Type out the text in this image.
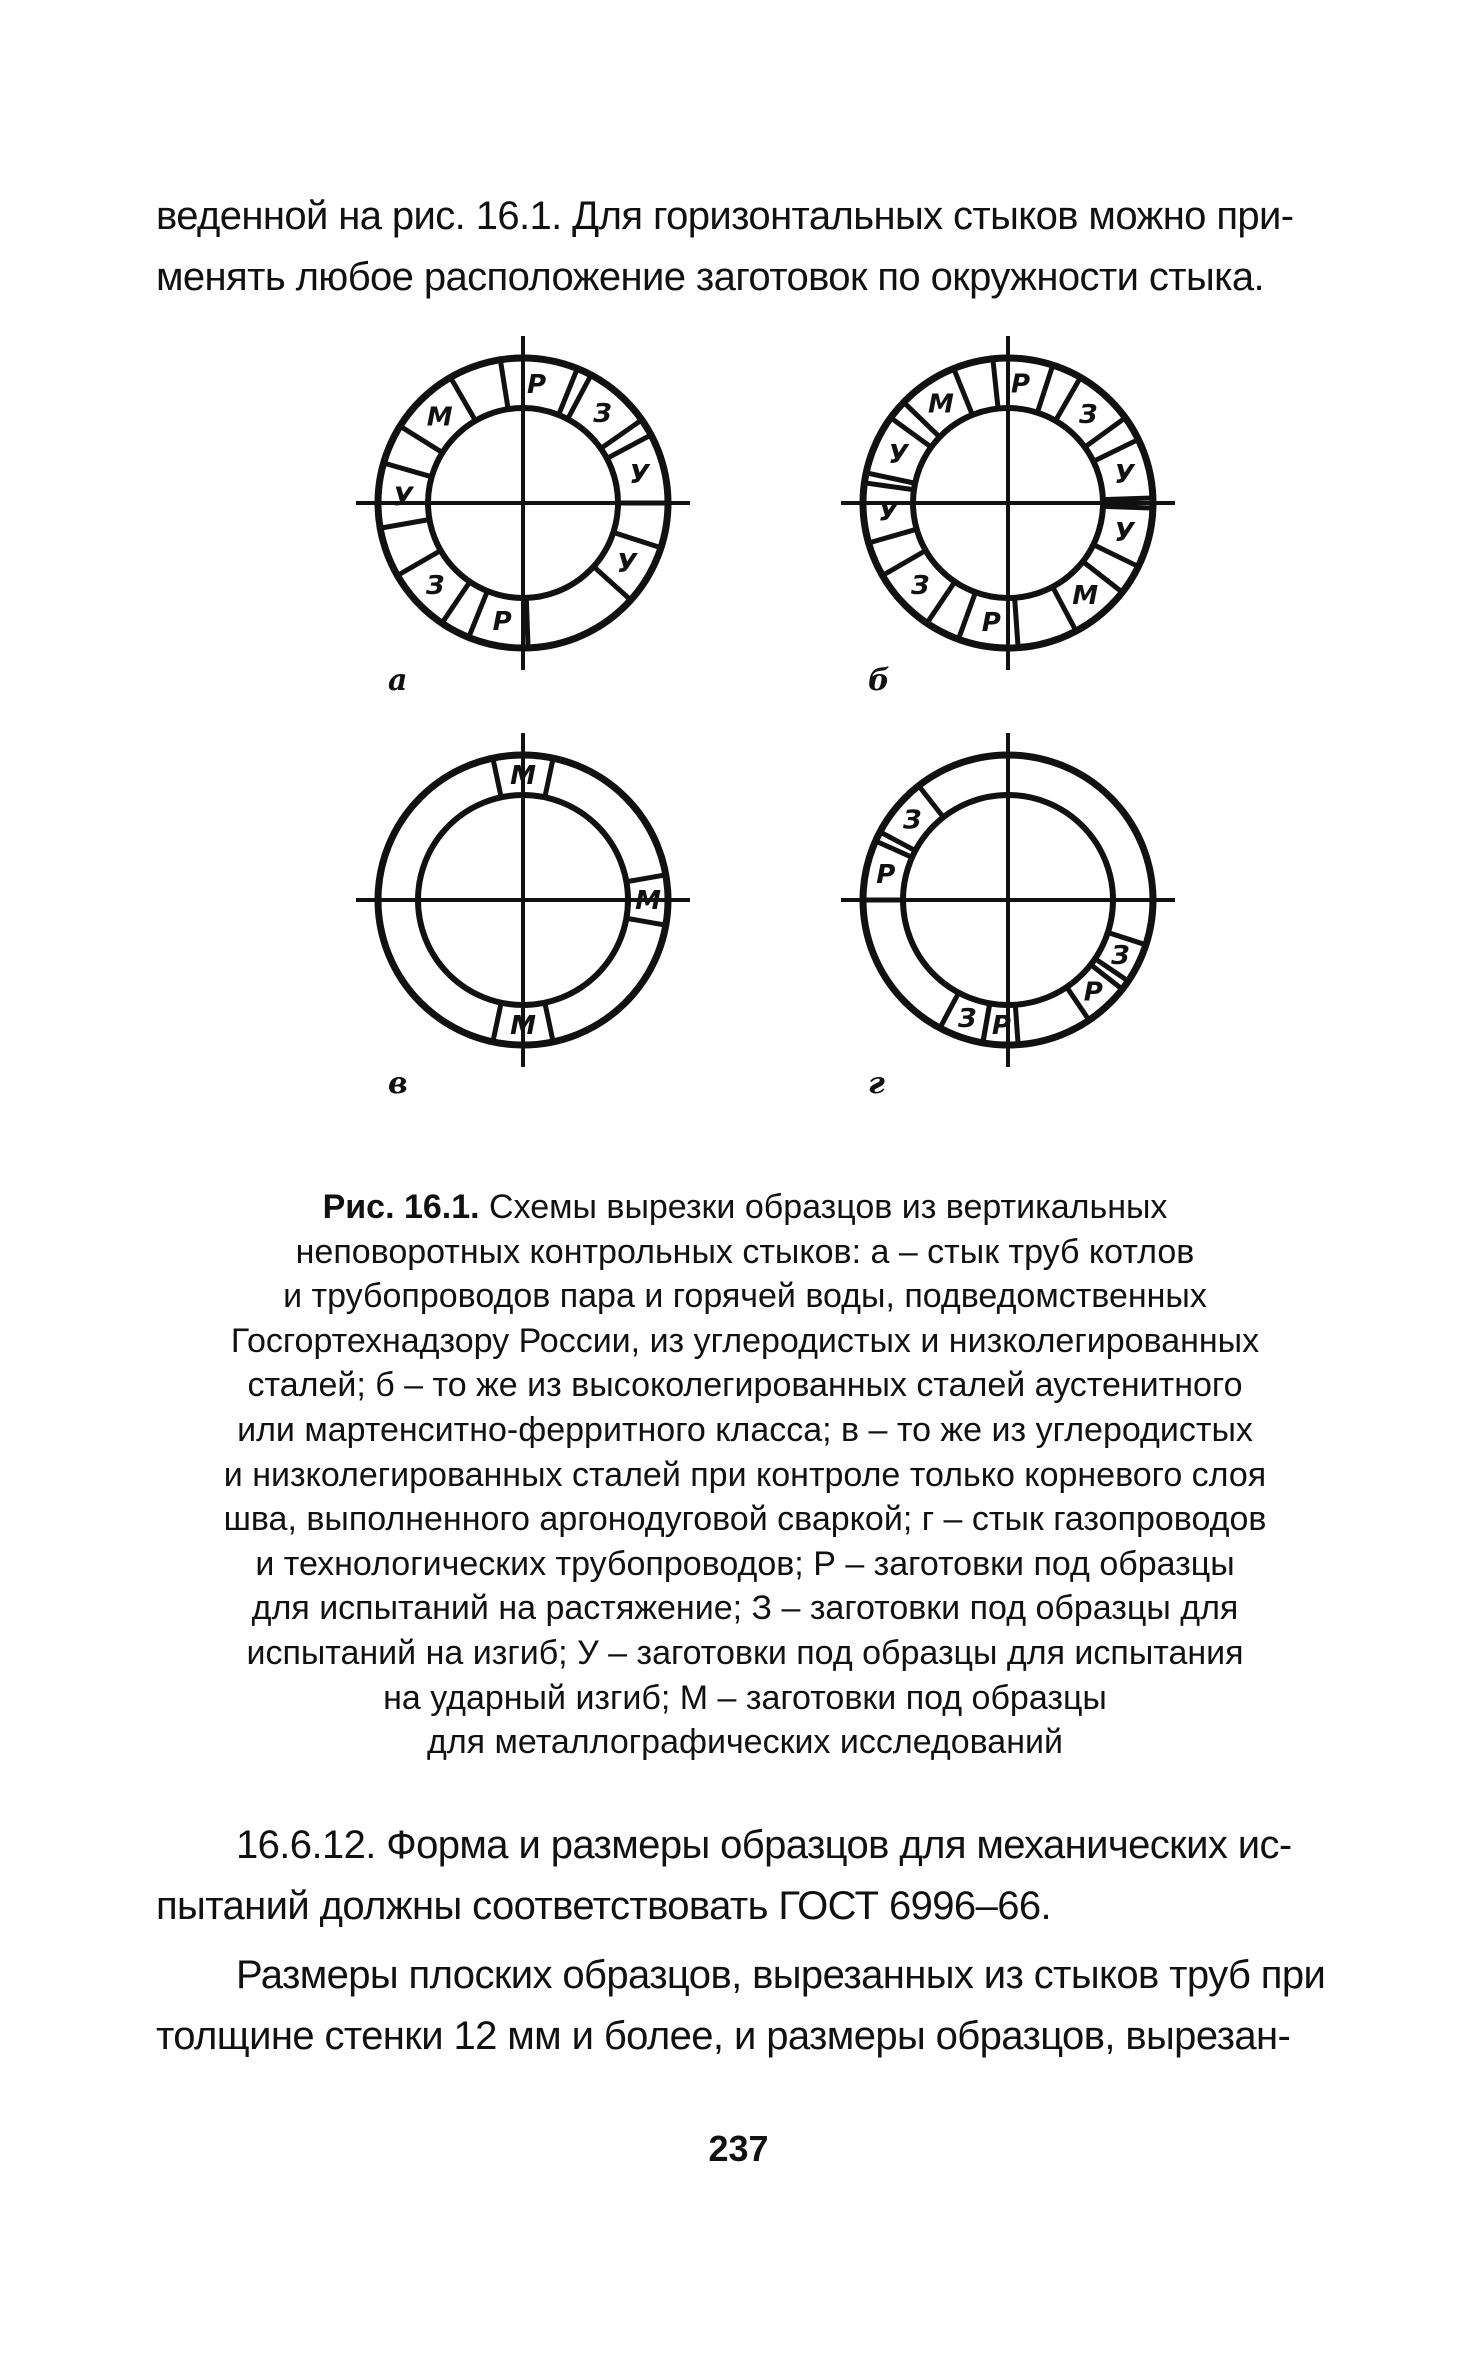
веденной на рис. 16.1. Для горизонтальных стыков можно при-
менять любое расположение заготовок по окружности стыка.
Р
З
У
У
Р
З
У
М
а
Р
З
У
У
М
Р
З
У
У
М
б
М
М
М
в
З
Р
З
Р
Р
З
г
Рис. 16.1. Схемы вырезки образцов из вертикальных
неповоротных контрольных стыков: а – стык труб котлов
и трубопроводов пара и горячей воды, подведомственных
Госгортехнадзору России, из углеродистых и низколегированных
сталей; б – то же из высоколегированных сталей аустенитного
или мартенситно-ферритного класса; в – то же из углеродистых
и низколегированных сталей при контроле только корневого слоя
шва, выполненного аргонодуговой сваркой; г – стык газопроводов
и технологических трубопроводов; Р – заготовки под образцы
для испытаний на растяжение; З – заготовки под образцы для
испытаний на изгиб; У – заготовки под образцы для испытания
на ударный изгиб; М – заготовки под образцы
для металлографических исследований
16.6.12. Форма и размеры образцов для механических ис-
пытаний должны соответствовать ГОСТ 6996–66.
Размеры плоских образцов, вырезанных из стыков труб при
толщине стенки 12 мм и более, и размеры образцов, вырезан-
237
